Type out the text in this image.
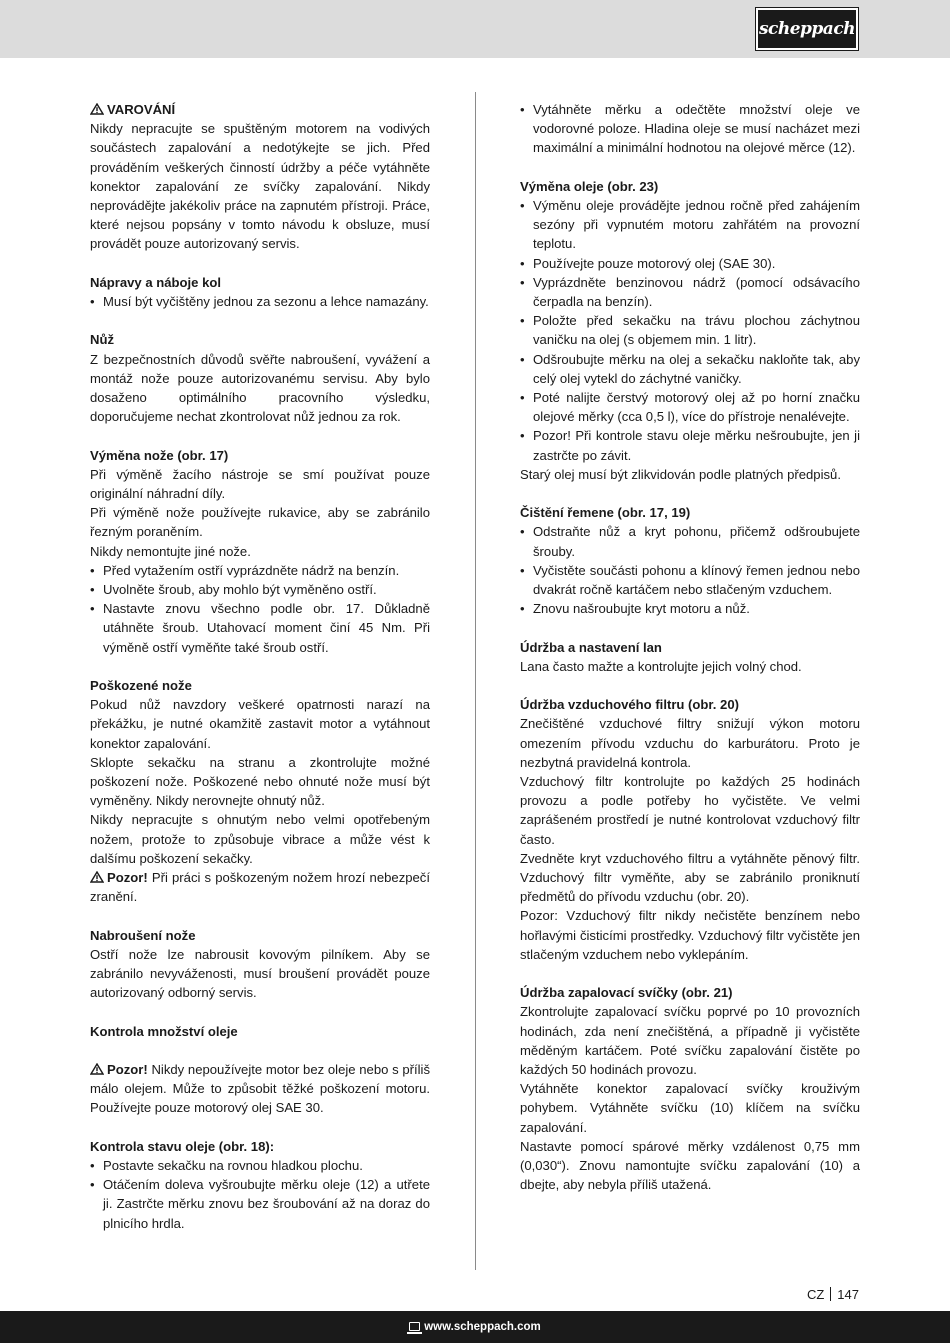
scheppach
VAROVÁNÍ

Nikdy nepracujte se spuštěným motorem na vodivých součástech zapalování a nedotýkejte se jich. Před prováděním veškerých činností údržby a péče vytáhněte konektor zapalování ze svíčky zapalování. Nikdy neprovádějte jakékoliv práce na zapnutém přístroji. Práce, které nejsou popsány v tomto návodu k obsluze, musí provádět pouze autorizovaný servis.

Nápravy a náboje kol
• Musí být vyčištěny jednou za sezonu a lehce namazány.
Nůž

Z bezpečnostních důvodů svěřte nabroušení, vyvážení a montáž nože pouze autorizovanému servisu. Aby bylo dosaženo optimálního pracovního výsledku, doporučujeme nechat zkontrolovat nůž jednou za rok.

Výměna nože (obr. 17)

Při výměně žacího nástroje se smí používat pouze originální náhradní díly.

Při výměně nože používejte rukavice, aby se zabránilo řezným poraněním.

Nikdy nemontujte jiné nože.

• Před vytažením ostří vyprázdněte nádrž na benzín.
• Uvolněte šroub, aby mohlo být vyměněno ostří.
• Nastavte znovu všechno podle obr. 17. Důkladně utáhněte šroub. Utahovací moment činí 45 Nm. Při výměně ostří vyměňte také šroub ostří.
Poškozené nože

Pokud nůž navzdory veškeré opatrnosti narazí na překážku, je nutné okamžitě zastavit motor a vytáhnout konektor zapalování.

Sklopte sekačku na stranu a zkontrolujte možné poškození nože. Poškozené nebo ohnuté nože musí být vyměněny. Nikdy nerovnejte ohnutý nůž.

Nikdy nepracujte s ohnutým nebo velmi opotřebeným nožem, protože to způsobuje vibrace a může vést k dalšímu poškození sekačky.

Pozor! Při práci s poškozeným nožem hrozí nebezpečí zranění.

Nabroušení nože

Ostří nože lze nabrousit kovovým pilníkem. Aby se zabránilo nevyváženosti, musí broušení provádět pouze autorizovaný odborný servis.

Kontrola množství oleje

Pozor! Nikdy nepoužívejte motor bez oleje nebo s příliš málo olejem. Může to způsobit těžké poškození motoru. Používejte pouze motorový olej SAE 30.

Kontrola stavu oleje (obr. 18):
• Postavte sekačku na rovnou hladkou plochu.
• Otáčením doleva vyšroubujte měrku oleje (12) a utřete ji. Zastrčte měrku znovu bez šroubování až na doraz do plnicího hrdla.
• Vytáhněte měrku a odečtěte množství oleje ve vodorovné poloze. Hladina oleje se musí nacházet mezi maximální a minimální hodnotou na olejové měrce (12).
Výměna oleje (obr. 23)
• Výměnu oleje provádějte jednou ročně před zahájením sezóny při vypnutém motoru zahřátém na provozní teplotu.
• Používejte pouze motorový olej (SAE 30).
• Vyprázdněte benzinovou nádrž (pomocí odsávacího čerpadla na benzín).
• Položte před sekačku na trávu plochou záchytnou vaničku na olej (s objemem min. 1 litr).
• Odšroubujte měrku na olej a sekačku nakloňte tak, aby celý olej vytekl do záchytné vaničky.
• Poté nalijte čerstvý motorový olej až po horní značku olejové měrky (cca 0,5 l), více do přístroje nenalévejte.
• Pozor! Při kontrole stavu oleje měrku nešroubujte, jen ji zastrčte po závit.

Starý olej musí být zlikvidován podle platných předpisů.

Čištění řemene (obr. 17, 19)
• Odstraňte nůž a kryt pohonu, přičemž odšroubujete šrouby.
• Vyčistěte součásti pohonu a klínový řemen jednou nebo dvakrát ročně kartáčem nebo stlačeným vzduchem.
• Znovu našroubujte kryt motoru a nůž.
Údržba a nastavení lan

Lana často mažte a kontrolujte jejich volný chod.

Údržba vzduchového filtru (obr. 20)

Znečištěné vzduchové filtry snižují výkon motoru omezením přívodu vzduchu do karburátoru. Proto je nezbytná pravidelná kontrola.

Vzduchový filtr kontrolujte po každých 25 hodinách provozu a podle potřeby ho vyčistěte. Ve velmi zaprášeném prostředí je nutné kontrolovat vzduchový filtr často.

Zvedněte kryt vzduchového filtru a vytáhněte pěnový filtr. Vzduchový filtr vyměňte, aby se zabránilo proniknutí předmětů do přívodu vzduchu (obr. 20).

Pozor: Vzduchový filtr nikdy nečistěte benzínem nebo hořlavými čisticími prostředky. Vzduchový filtr vyčistěte jen stlačeným vzduchem nebo vyklepáním.

Údržba zapalovací svíčky (obr. 21)

Zkontrolujte zapalovací svíčku poprvé po 10 provozních hodinách, zda není znečištěná, a případně ji vyčistěte měděným kartáčem. Poté svíčku zapalování čistěte po každých 50 hodinách provozu.

Vytáhněte konektor zapalovací svíčky krouživým pohybem. Vytáhněte svíčku (10) klíčem na svíčku zapalování.

Nastavte pomocí spárové měrky vzdálenost 0,75 mm (0,030“). Znovu namontujte svíčku zapalování (10) a dbejte, aby nebyla příliš utažená.

CZ 147
www.scheppach.com
